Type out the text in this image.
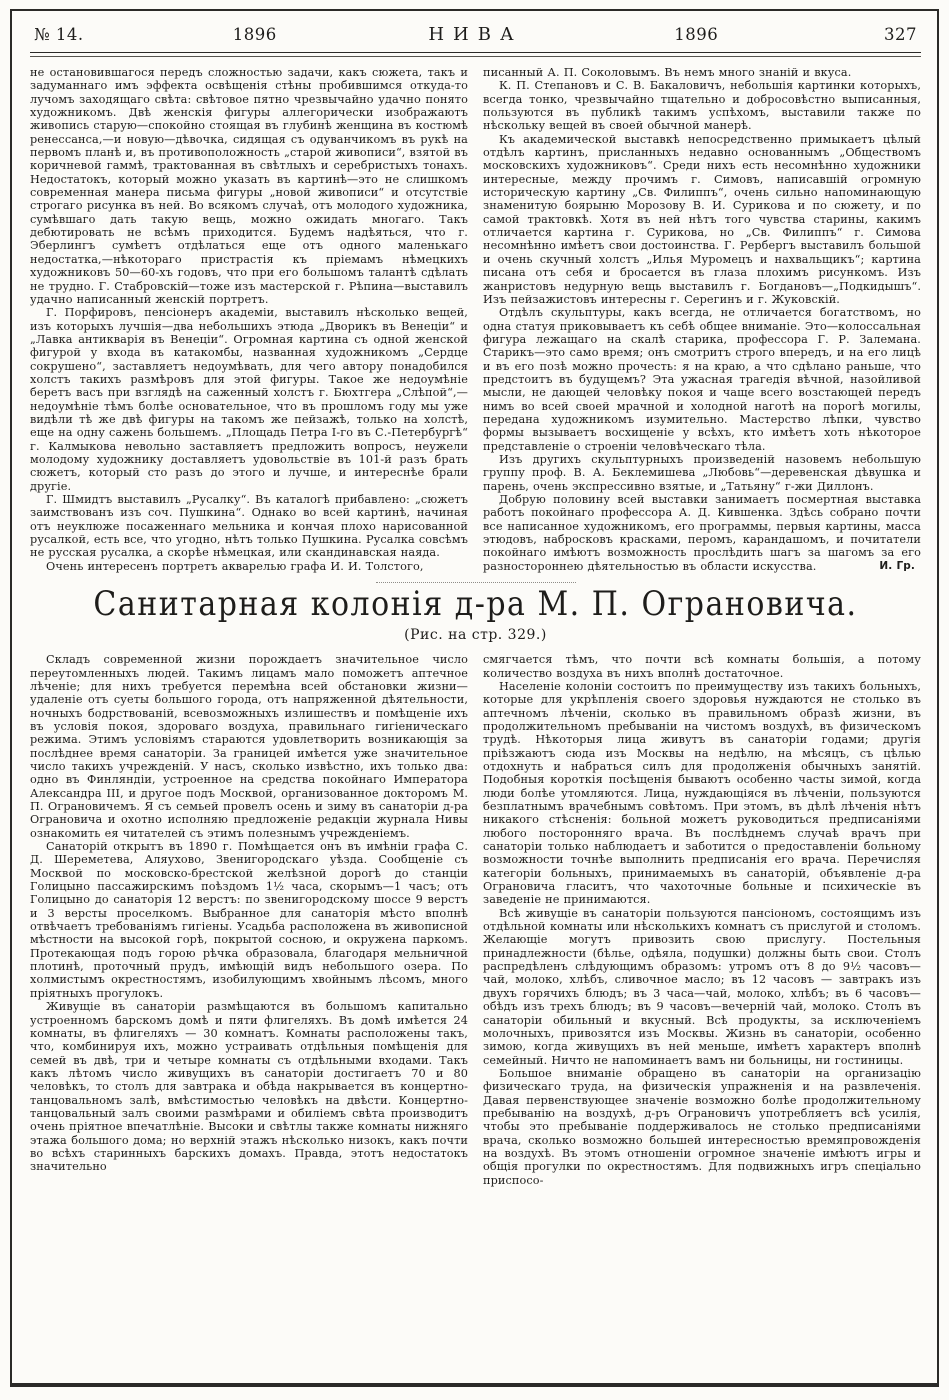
№ 14.	1896	НИВА	1896	327

не остановившагося передъ сложностью задачи, какъ сюжета, такъ и задуманнаго имъ эффекта освѣщенія стѣны пробившимся откуда-то лучомъ заходящаго свѣта: свѣтовое пятно чрезвычайно удачно понято художникомъ. Двѣ женскія фигуры аллегорически изображаютъ живопись старую—спокойно стоящая въ глубинѣ женщина въ костюмѣ ренессанса,—и новую—дѣвочка, сидящая съ одуванчикомъ въ рукѣ на первомъ планѣ и, въ противоположность „старой живописи“, взятой въ коричневой гаммѣ, трактованная въ свѣтлыхъ и серебристыхъ тонахъ. Недостатокъ, который можно указать въ картинѣ—это не слишкомъ современная манера письма фигуры „новой живописи“ и отсутствіе строгаго рисунка въ ней. Во всякомъ случаѣ, отъ молодого художника, сумѣвшаго дать такую вещь, можно ожидать многаго. Такъ дебютировать не всѣмъ приходится. Будемъ надѣяться, что г. Эберлингъ сумѣетъ отдѣлаться еще отъ одного маленькаго недостатка,—нѣкотораго пристрастія къ пріемамъ нѣмецкихъ художниковъ 50—60-хъ годовъ, что при его большомъ талантѣ сдѣлать не трудно. Г. Стабровскій—тоже изъ мастерской г. Рѣпина—выставилъ удачно написанный женскій портретъ.

Г. Порфировъ, пенсіонеръ академіи, выставилъ нѣсколько вещей, изъ которыхъ лучшія—два небольшихъ этюда „Дворикъ въ Венеціи“ и „Лавка антикварія въ Венеціи“. Огромная картина съ одной женской фигурой у входа въ катакомбы, названная художникомъ „Сердце сокрушено“, заставляетъ недоумѣвать, для чего автору понадобился холстъ такихъ размѣровъ для этой фигуры. Такое же недоумѣніе беретъ васъ при взглядѣ на саженный холстъ г. Бюхтгера „Слѣпой“,—недоумѣніе тѣмъ болѣе основательное, что въ прошломъ году мы уже видѣли тѣ же двѣ фигуры на такомъ же пейзажѣ, только на холстѣ, еще на одну сажень большемъ. „Площадь Петра I-го въ С.-Петербургѣ“ г. Калмыкова невольно заставляетъ предложить вопросъ, неужели молодому художнику доставляетъ удовольствіе въ 101-й разъ брать сюжетъ, который сто разъ до этого и лучше, и интереснѣе брали другіе.

Г. Шмидтъ выставилъ „Русалку“. Въ каталогѣ прибавлено: „сюжетъ заимствованъ изъ соч. Пушкина“. Однако во всей картинѣ, начиная отъ неуклюже посаженнаго мельника и кончая плохо нарисованной русалкой, есть все, что угодно, нѣтъ только Пушкина. Русалка совсѣмъ не русская русалка, а скорѣе нѣмецкая, или скандинавская наяда.

Очень интересенъ портретъ акварелью графа И. И. Толстого,

писанный А. П. Соколовымъ. Въ немъ много знаній и вкуса.

К. П. Степановъ и С. В. Бакаловичъ, небольшія картинки которыхъ, всегда тонко, чрезвычайно тщательно и добросовѣстно выписанныя, пользуются въ публикѣ такимъ успѣхомъ, выставили также по нѣскольку вещей въ своей обычной манерѣ.

Къ академической выставкѣ непосредственно примыкаетъ цѣлый отдѣлъ картинъ, присланныхъ недавно основаннымъ „Обществомъ московскихъ художниковъ“. Среди нихъ есть несомнѣнно художники интересные, между прочимъ г. Симовъ, написавшій огромную историческую картину „Св. Филиппъ“, очень сильно напоминающую знаменитую боярыню Морозову В. И. Сурикова и по сюжету, и по самой трактовкѣ. Хотя въ ней нѣтъ того чувства старины, какимъ отличается картина г. Сурикова, но „Св. Филиппъ“ г. Симова несомнѣнно имѣетъ свои достоинства. Г. Рербергъ выставилъ большой и очень скучный холстъ „Илья Муромецъ и нахвальщикъ“; картина писана отъ себя и бросается въ глаза плохимъ рисункомъ. Изъ жанристовъ недурную вещь выставилъ г. Богдановъ—„Подкидышъ“. Изъ пейзажистовъ интересны г. Серегинъ и г. Жуковскій.

Отдѣлъ скульптуры, какъ всегда, не отличается богатствомъ, но одна статуя приковываетъ къ себѣ общее вниманіе. Это—колоссальная фигура лежащаго на скалѣ старика, профессора Г. Р. Залемана. Старикъ—это само время; онъ смотритъ строго впередъ, и на его лицѣ и въ его позѣ можно прочесть: я на краю, а что сдѣлано раньше, что предстоитъ въ будущемъ? Эта ужасная трагедія вѣчной, назойливой мысли, не дающей человѣку покоя и чаще всего возстающей передъ нимъ во всей своей мрачной и холодной наготѣ на порогѣ могилы, передана художникомъ изумительно. Мастерство лѣпки, чувство формы вызываетъ восхищеніе у всѣхъ, кто имѣетъ хоть нѣкоторое представленіе о строеніи человѣческаго тѣла.

Изъ другихъ скульптурныхъ произведеній назовемъ небольшую группу проф. В. А. Беклемишева „Любовь“—деревенская дѣвушка и парень, очень экспрессивно взятые, и „Татьяну“ г-жи Диллонъ.

Добрую половину всей выставки занимаетъ посмертная выставка работъ покойнаго профессора А. Д. Кившенка. Здѣсь собрано почти все написанное художникомъ, его программы, первыя картины, масса этюдовъ, набросковъ красками, перомъ, карандашомъ, и почитатели покойнаго имѣютъ возможность прослѣдить шагъ за шагомъ за его разностороннею дѣятельностью въ области искусства.	И. Гр.
Санитарная колонія д-ра М. П. Ограновича.
(Рис. на стр. 329.)

Складъ современной жизни порождаетъ значительное число переутомленныхъ людей. Такимъ лицамъ мало поможетъ аптечное лѣченіе; для нихъ требуется перемѣна всей обстановки жизни—удаленіе отъ суеты большого города, отъ напряженной дѣятельности, ночныхъ бодрствованій, всевозможныхъ излишествъ и помѣщеніе ихъ въ условія покоя, здороваго воздуха, правильнаго гигіеническаго режима. Этимъ условіямъ стараются удовлетворить возникающія за послѣднее время санаторіи. За границей имѣется уже значительное число такихъ учрежденій. У насъ, сколько извѣстно, ихъ только два: одно въ Финляндіи, устроенное на средства покойнаго Императора Александра III, и другое подъ Москвой, организованное докторомъ М. П. Ограновичемъ. Я съ семьей провелъ осень и зиму въ санаторіи д-ра Ограновича и охотно исполняю предложеніе редакціи журнала Нивы ознакомить ея читателей съ этимъ полезнымъ учрежденіемъ.

Санаторій открытъ въ 1890 г. Помѣщается онъ въ имѣніи графа С. Д. Шереметева, Аляухово, Звенигородскаго уѣзда. Сообщеніе съ Москвой по московско-брестской желѣзной дорогѣ до станціи Голицыно пассажирскимъ поѣздомъ 1½ часа, скорымъ—1 часъ; отъ Голицыно до санаторія 12 верстъ: по звенигородскому шоссе 9 верстъ и 3 версты проселкомъ. Выбранное для санаторія мѣсто вполнѣ отвѣчаетъ требованіямъ гигіены. Усадьба расположена въ живописной мѣстности на высокой горѣ, покрытой сосною, и окружена паркомъ. Протекающая подъ горою рѣчка образовала, благодаря мельничной плотинѣ, проточный прудъ, имѣющій видъ небольшого озера. По холмистымъ окрестностямъ, изобилующимъ хвойнымъ лѣсомъ, много пріятныхъ прогулокъ.

Живущіе въ санаторіи размѣщаются въ большомъ капитально устроенномъ барскомъ домѣ и пяти флигеляхъ. Въ домѣ имѣется 24 комнаты, въ флигеляхъ — 30 комнатъ. Комнаты расположены такъ, что, комбинируя ихъ, можно устраивать отдѣльныя помѣщенія для семей въ двѣ, три и четыре комнаты съ отдѣльными входами. Такъ какъ лѣтомъ число живущихъ въ санаторіи достигаетъ 70 и 80 человѣкъ, то столъ для завтрака и обѣда накрывается въ концертно-танцовальномъ залѣ, вмѣстимостью человѣкъ на двѣсти. Концертно-танцовальный залъ своими размѣрами и обиліемъ свѣта производитъ очень пріятное впечатлѣніе. Высоки и свѣтлы также комнаты нижняго этажа большого дома; но верхній этажъ нѣсколько низокъ, какъ почти во всѣхъ старинныхъ барскихъ домахъ. Правда, этотъ недостатокъ значительно

смягчается тѣмъ, что почти всѣ комнаты большія, а потому количество воздуха въ нихъ вполнѣ достаточное.

Населеніе колоніи состоитъ по преимуществу изъ такихъ больныхъ, которые для укрѣпленія своего здоровья нуждаются не столько въ аптечномъ лѣченіи, сколько въ правильномъ образѣ жизни, въ продолжительномъ пребываніи на чистомъ воздухѣ, въ физическомъ трудѣ. Нѣкоторыя лица живутъ въ санаторіи годами; другія пріѣзжаютъ сюда изъ Москвы на недѣлю, на мѣсяцъ, съ цѣлью отдохнуть и набраться силъ для продолженія обычныхъ занятій. Подобныя короткія посѣщенія бываютъ особенно часты зимой, когда люди болѣе утомляются. Лица, нуждающіяся въ лѣченіи, пользуются безплатнымъ врачебнымъ совѣтомъ. При этомъ, въ дѣлѣ лѣченія нѣтъ никакого стѣсненія: больной можетъ руководиться предписаніями любого посторонняго врача. Въ послѣднемъ случаѣ врачъ при санаторіи только наблюдаетъ и заботится о предоставленіи больному возможности точнѣе выполнить предписанія его врача. Перечисляя категоріи больныхъ, принимаемыхъ въ санаторій, объявленіе д-ра Ограновича гласитъ, что чахоточные больные и психическіе въ заведеніе не принимаются.

Всѣ живущіе въ санаторіи пользуются пансіономъ, состоящимъ изъ отдѣльной комнаты или нѣсколькихъ комнатъ съ прислугой и столомъ. Желающіе могутъ привозить свою прислугу. Постельныя принадлежности (бѣлье, одѣяла, подушки) должны быть свои. Столъ распредѣленъ слѣдующимъ образомъ: утромъ отъ 8 до 9½ часовъ—чай, молоко, хлѣбъ, сливочное масло; въ 12 часовъ — завтракъ изъ двухъ горячихъ блюдъ; въ 3 часа—чай, молоко, хлѣбъ; въ 6 часовъ—обѣдъ изъ трехъ блюдъ; въ 9 часовъ—вечерній чай, молоко. Столъ въ санаторіи обильный и вкусный. Всѣ продукты, за исключеніемъ молочныхъ, привозятся изъ Москвы. Жизнь въ санаторіи, особенно зимою, когда живущихъ въ ней меньше, имѣетъ характеръ вполнѣ семейный. Ничто не напоминаетъ вамъ ни больницы, ни гостиницы.

Большое вниманіе обращено въ санаторіи на организацію физическаго труда, на физическія упражненія и на развлеченія. Давая первенствующее значеніе возможно болѣе продолжительному пребыванію на воздухѣ, д-ръ Ограновичъ употребляетъ всѣ усилія, чтобы это пребываніе поддерживалось не столько предписаніями врача, сколько возможно большей интересностью времяпровожденія на воздухѣ. Въ этомъ отношеніи огромное значеніе имѣютъ игры и общія прогулки по окрестностямъ. Для подвижныхъ игръ спеціально приспосо-
